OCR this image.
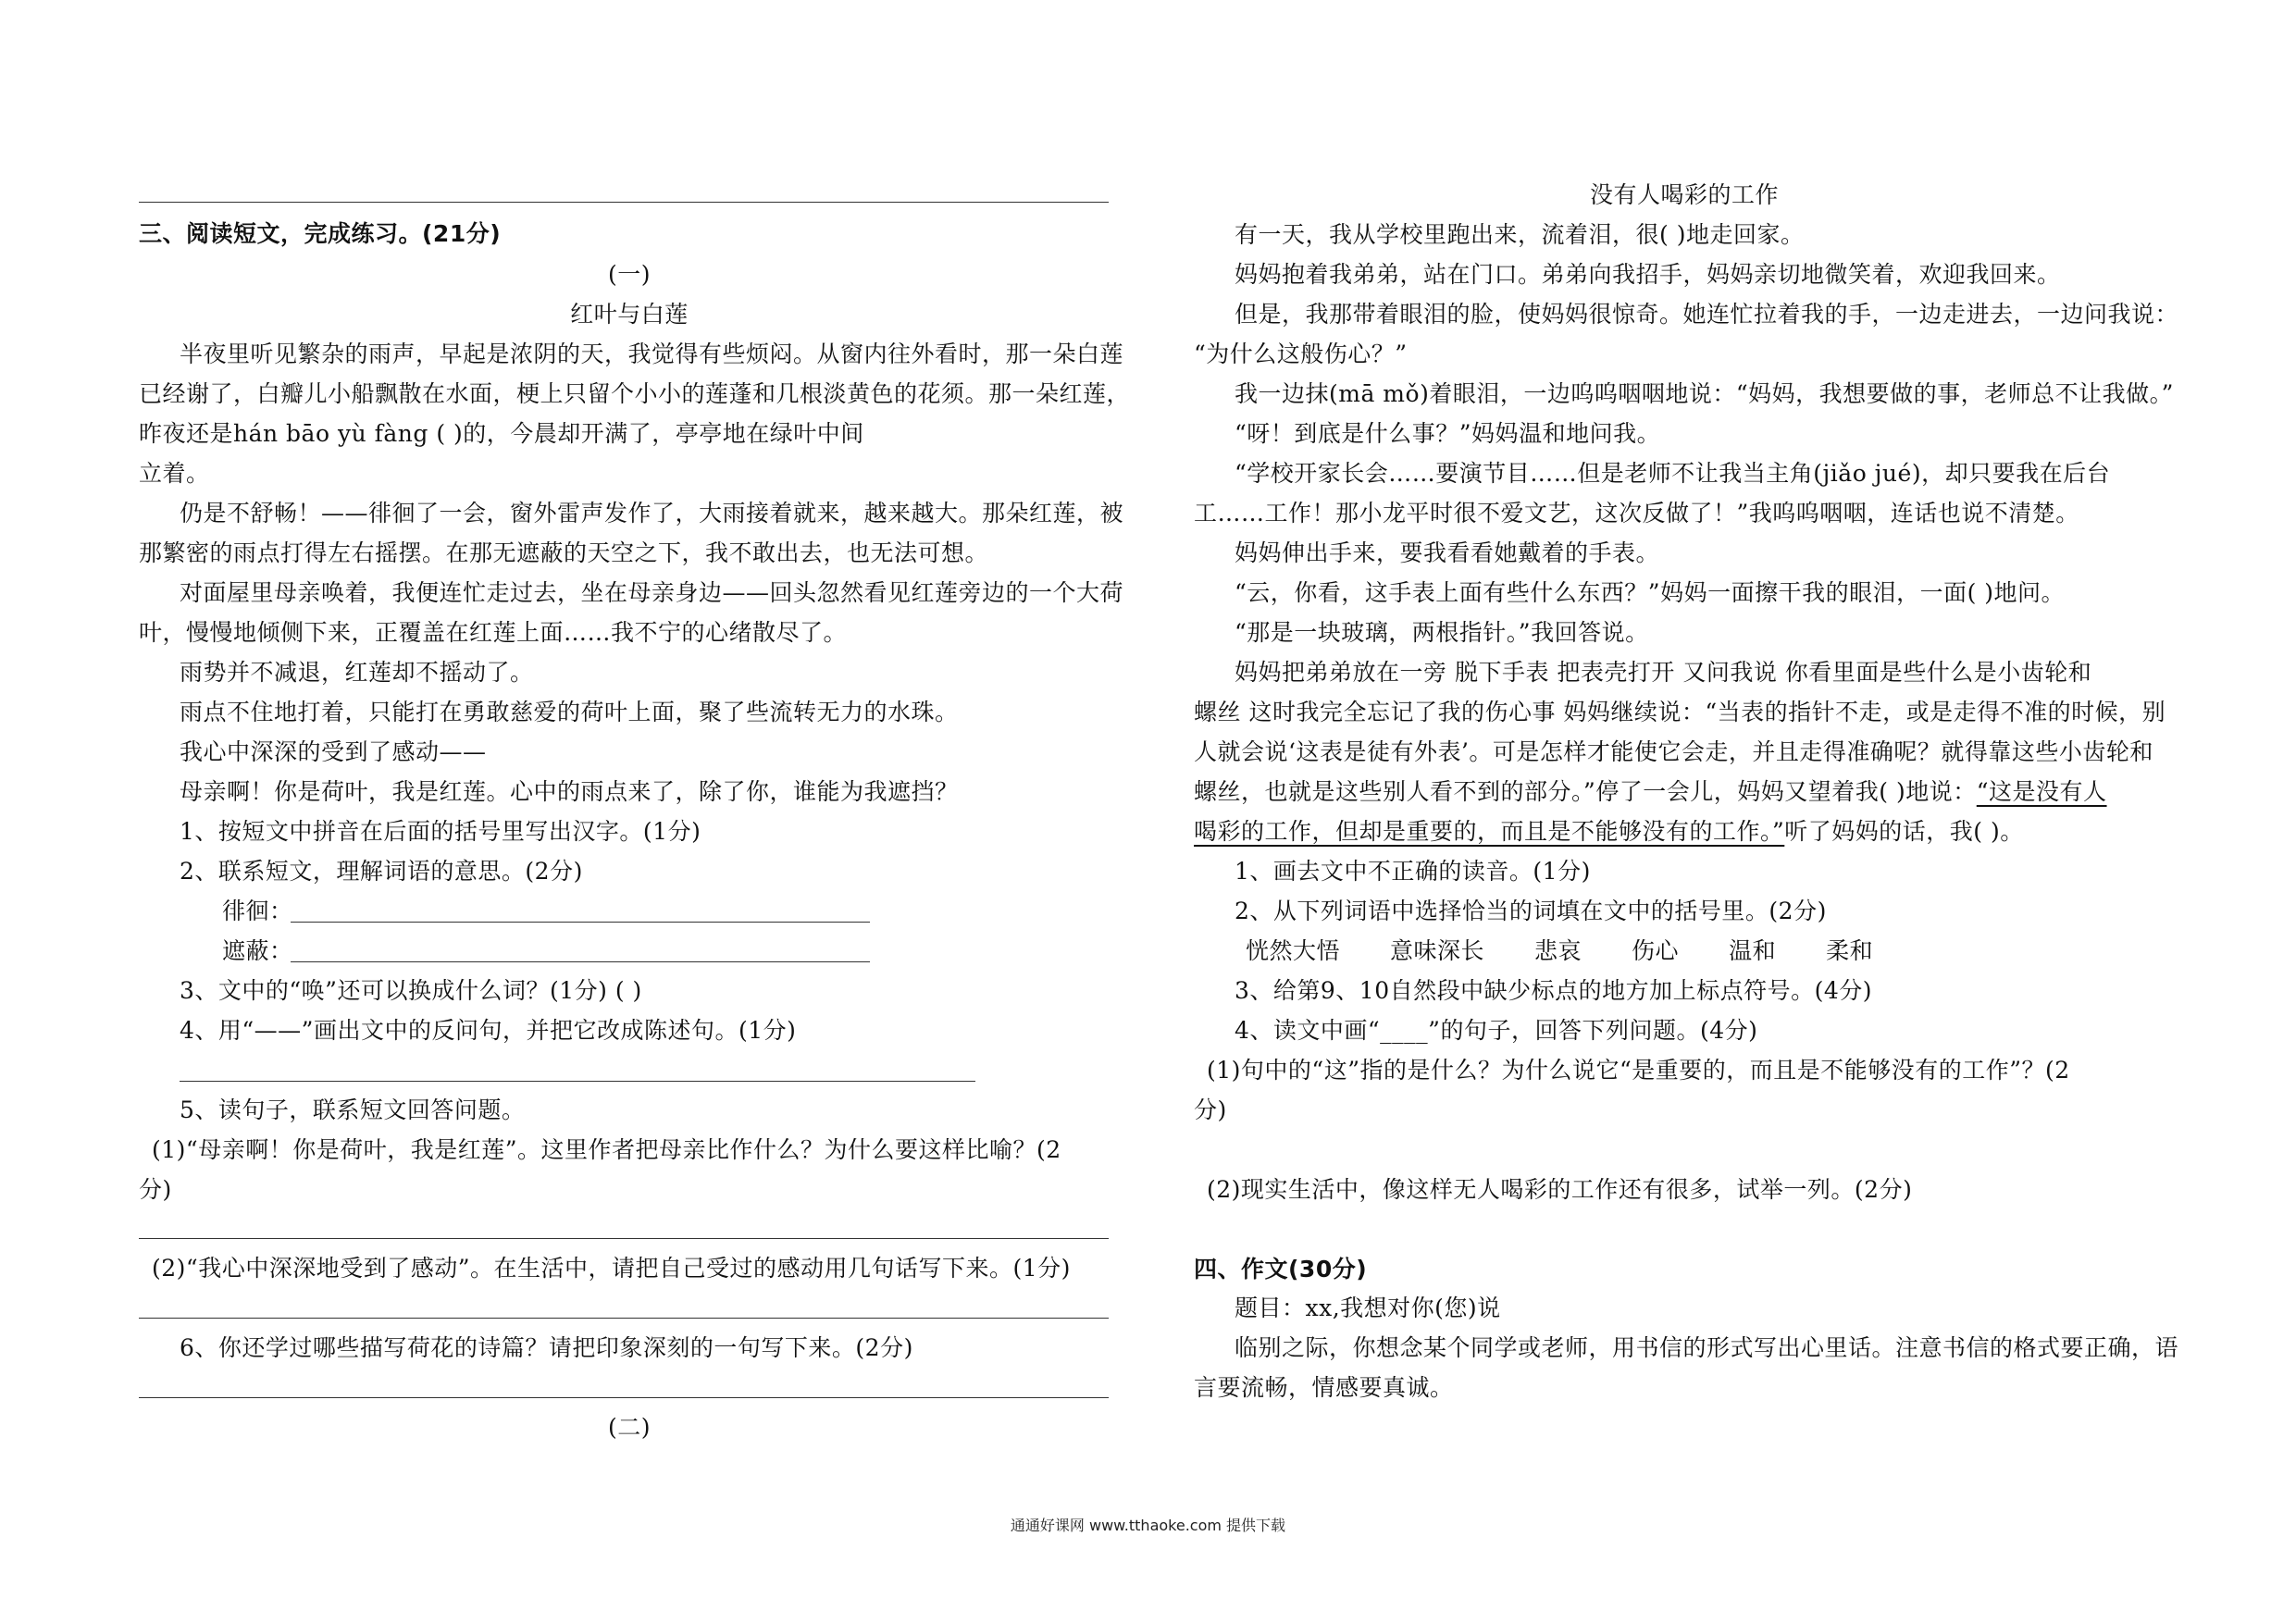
三、阅读短文，完成练习。(21分)
(一)
红叶与白莲
半夜里听见繁杂的雨声，早起是浓阴的天，我觉得有些烦闷。从窗内往外看时，那一朵白莲
已经谢了，白瓣儿小船飘散在水面，梗上只留个小小的莲蓬和几根淡黄色的花须。那一朵红莲，
昨夜还是hán bāo yù fàng ( )的，今晨却开满了，亭亭地在绿叶中间
立着。
仍是不舒畅！——徘徊了一会，窗外雷声发作了，大雨接着就来，越来越大。那朵红莲，被
那繁密的雨点打得左右摇摆。在那无遮蔽的天空之下，我不敢出去，也无法可想。
对面屋里母亲唤着，我便连忙走过去，坐在母亲身边——回头忽然看见红莲旁边的一个大荷
叶，慢慢地倾侧下来，正覆盖在红莲上面……我不宁的心绪散尽了。
雨势并不减退，红莲却不摇动了。
雨点不住地打着，只能打在勇敢慈爱的荷叶上面，聚了些流转无力的水珠。
我心中深深的受到了感动——
母亲啊！你是荷叶，我是红莲。心中的雨点来了，除了你，谁能为我遮挡？
1、按短文中拼音在后面的括号里写出汉字。(1分)
2、联系短文，理解词语的意思。(2分)
徘徊：
遮蔽：
3、文中的“唤”还可以换成什么词？(1分) ( )
4、用“——”画出文中的反问句，并把它改成陈述句。(1分)
5、读句子，联系短文回答问题。
(1)“母亲啊！你是荷叶，我是红莲”。这里作者把母亲比作什么？为什么要这样比喻？(2
分)
(2)“我心中深深地受到了感动”。在生活中，请把自己受过的感动用几句话写下来。(1分)
6、你还学过哪些描写荷花的诗篇？请把印象深刻的一句写下来。(2分)
(二)
没有人喝彩的工作
有一天，我从学校里跑出来，流着泪，很( )地走回家。
妈妈抱着我弟弟，站在门口。弟弟向我招手，妈妈亲切地微笑着，欢迎我回来。
但是，我那带着眼泪的脸，使妈妈很惊奇。她连忙拉着我的手，一边走进去，一边问我说：
“为什么这般伤心？”
我一边抹(mā mǒ)着眼泪，一边呜呜咽咽地说：“妈妈，我想要做的事，老师总不让我做。”
“呀！到底是什么事？”妈妈温和地问我。
“学校开家长会……要演节目……但是老师不让我当主角(jiǎo jué)，却只要我在后台
工……工作！那小龙平时很不爱文艺，这次反做了！”我呜呜咽咽，连话也说不清楚。
妈妈伸出手来，要我看看她戴着的手表。
“云，你看，这手表上面有些什么东西？”妈妈一面擦干我的眼泪，一面( )地问。
“那是一块玻璃，两根指针。”我回答说。
妈妈把弟弟放在一旁 脱下手表 把表壳打开 又问我说 你看里面是些什么是小齿轮和
螺丝 这时我完全忘记了我的伤心事 妈妈继续说：“当表的指针不走，或是走得不准的时候，别
人就会说‘这表是徒有外表’。可是怎样才能使它会走，并且走得准确呢？就得靠这些小齿轮和
螺丝，也就是这些别人看不到的部分。”停了一会儿，妈妈又望着我( )地说：“这是没有人
喝彩的工作，但却是重要的，而且是不能够没有的工作。”听了妈妈的话，我( )。
1、画去文中不正确的读音。(1分)
2、从下列词语中选择恰当的词填在文中的括号里。(2分)
恍然大悟 意味深长 悲哀 伤心 温和 柔和
3、给第9、10自然段中缺少标点的地方加上标点符号。(4分)
4、读文中画“____”的句子，回答下列问题。(4分)
(1)句中的“这”指的是什么？为什么说它“是重要的，而且是不能够没有的工作”？(2
分)
(2)现实生活中，像这样无人喝彩的工作还有很多，试举一列。(2分)
四、作文(30分)
题目：xx,我想对你(您)说
临别之际，你想念某个同学或老师，用书信的形式写出心里话。注意书信的格式要正确，语
言要流畅，情感要真诚。
通通好课网 www.tthaoke.com 提供下载
